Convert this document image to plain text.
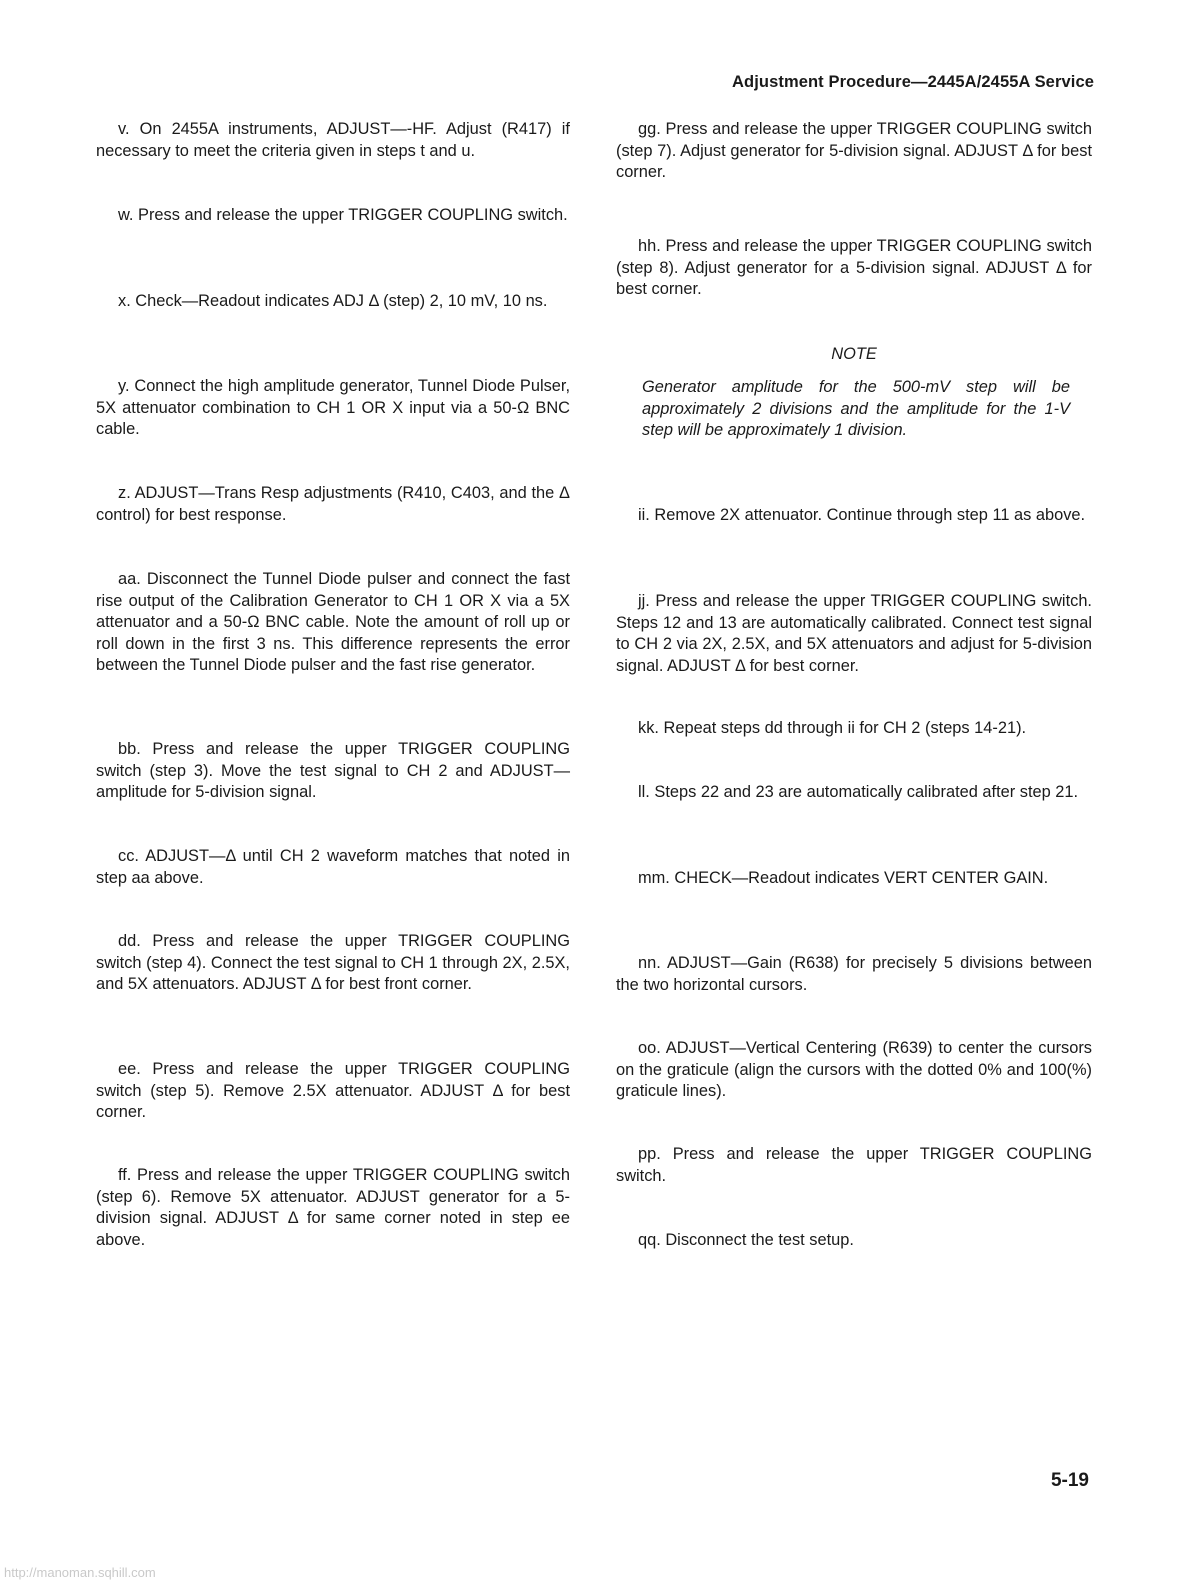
Adjustment Procedure—2445A/2455A Service

v. On 2455A instruments, ADJUST—-HF. Adjust (R417) if necessary to meet the criteria given in steps t and u.

w. Press and release the upper TRIGGER COUPLING switch.

x. Check—Readout indicates ADJ Δ (step) 2, 10 mV, 10 ns.

y. Connect the high amplitude generator, Tunnel Diode Pulser, 5X attenuator combination to CH 1 OR X input via a 50-Ω BNC cable.

z. ADJUST—Trans Resp adjustments (R410, C403, and the Δ control) for best response.

aa. Disconnect the Tunnel Diode pulser and connect the fast rise output of the Calibration Generator to CH 1 OR X via a 5X attenuator and a 50-Ω BNC cable. Note the amount of roll up or roll down in the first 3 ns. This difference represents the error between the Tunnel Diode pulser and the fast rise generator.

bb. Press and release the upper TRIGGER COUPLING switch (step 3). Move the test signal to CH 2 and ADJUST—amplitude for 5-division signal.

cc. ADJUST—Δ until CH 2 waveform matches that noted in step aa above.

dd. Press and release the upper TRIGGER COUPLING switch (step 4). Connect the test signal to CH 1 through 2X, 2.5X, and 5X attenuators. ADJUST Δ for best front corner.

ee. Press and release the upper TRIGGER COUPLING switch (step 5). Remove 2.5X attenuator. ADJUST Δ for best corner.

ff. Press and release the upper TRIGGER COUPLING switch (step 6). Remove 5X attenuator. ADJUST generator for a 5-division signal. ADJUST Δ for same corner noted in step ee above.

gg. Press and release the upper TRIGGER COUPLING switch (step 7). Adjust generator for 5-division signal. ADJUST Δ for best corner.

hh. Press and release the upper TRIGGER COUPLING switch (step 8). Adjust generator for a 5-division signal. ADJUST Δ for best corner.

NOTE

Generator amplitude for the 500-mV step will be approximately 2 divisions and the amplitude for the 1-V step will be approximately 1 division.

ii. Remove 2X attenuator. Continue through step 11 as above.

jj. Press and release the upper TRIGGER COUPLING switch. Steps 12 and 13 are automatically calibrated. Connect test signal to CH 2 via 2X, 2.5X, and 5X attenuators and adjust for 5-division signal. ADJUST Δ for best corner.

kk. Repeat steps dd through ii for CH 2 (steps 14-21).

ll. Steps 22 and 23 are automatically calibrated after step 21.

mm. CHECK—Readout indicates VERT CENTER GAIN.

nn. ADJUST—Gain (R638) for precisely 5 divisions between the two horizontal cursors.

oo. ADJUST—Vertical Centering (R639) to center the cursors on the graticule (align the cursors with the dotted 0% and 100(%) graticule lines).

pp. Press and release the upper TRIGGER COUPLING switch.

qq. Disconnect the test setup.

5-19
http://manoman.sqhill.com
